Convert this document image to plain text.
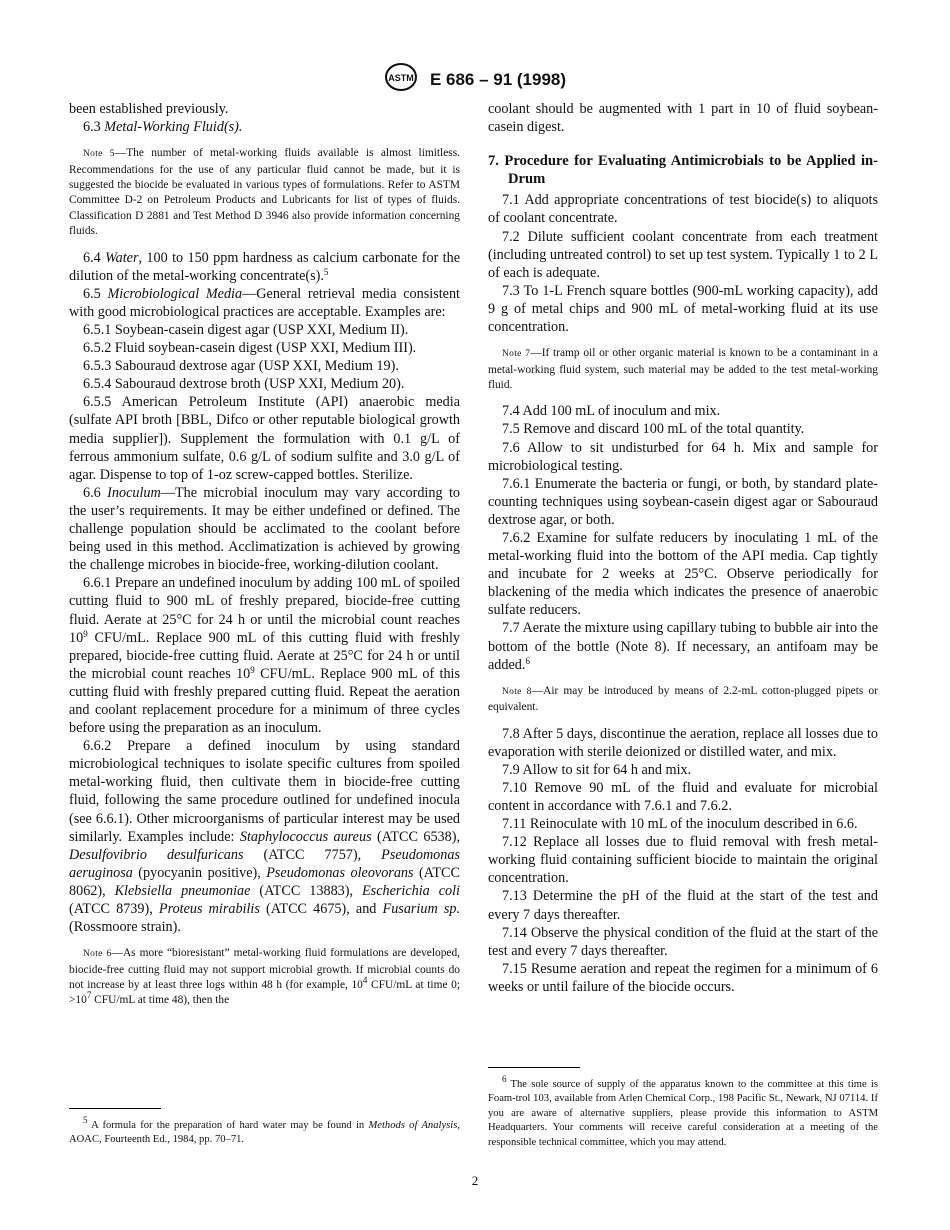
ASTM E 686 – 91 (1998)

been established previously.

6.3 Metal-Working Fluid(s).

Note 5—The number of metal-working fluids available is almost limitless. Recommendations for the use of any particular fluid cannot be made, but it is suggested the biocide be evaluated in various types of formulations. Refer to ASTM Committee D-2 on Petroleum Products and Lubricants for list of types of fluids. Classification D 2881 and Test Method D 3946 also provide information concerning fluids.

6.4 Water, 100 to 150 ppm hardness as calcium carbonate for the dilution of the metal-working concentrate(s).$^5$

6.5 Microbiological Media—General retrieval media consistent with good microbiological practices are acceptable. Examples are:

6.5.1 Soybean-casein digest agar (USP XXI, Medium II).

6.5.2 Fluid soybean-casein digest (USP XXI, Medium III).

6.5.3 Sabouraud dextrose agar (USP XXI, Medium 19).

6.5.4 Sabouraud dextrose broth (USP XXI, Medium 20).

6.5.5 American Petroleum Institute (API) anaerobic media (sulfate API broth [BBL, Difco or other reputable biological growth media supplier]). Supplement the formulation with 0.1 g/L of ferrous ammonium sulfate, 0.6 g/L of sodium sulfite and 3.0 g/L of agar. Dispense to top of 1-oz screw-capped bottles. Sterilize.

6.6 Inoculum—The microbial inoculum may vary according to the user’s requirements. It may be either undefined or defined. The challenge population should be acclimated to the coolant before being used in this method. Acclimatization is achieved by growing the challenge microbes in biocide-free, working-dilution coolant.

6.6.1 Prepare an undefined inoculum by adding 100 mL of spoiled cutting fluid to 900 mL of freshly prepared, biocide-free cutting fluid. Aerate at 25°C for 24 h or until the microbial count reaches $10^9$ CFU/mL. Replace 900 mL of this cutting fluid with freshly prepared, biocide-free cutting fluid. Aerate at 25°C for 24 h or until the microbial count reaches $10^9$ CFU/mL. Replace 900 mL of this cutting fluid with freshly prepared cutting fluid. Repeat the aeration and coolant replacement procedure for a minimum of three cycles before using the preparation as an inoculum.

6.6.2 Prepare a defined inoculum by using standard microbiological techniques to isolate specific cultures from spoiled metal-working fluid, then cultivate them in biocide-free cutting fluid, following the same procedure outlined for undefined inocula (see 6.6.1). Other microorganisms of particular interest may be used similarly. Examples include: Staphylococcus aureus (ATCC 6538), Desulfovibrio desulfuricans (ATCC 7757), Pseudomonas aeruginosa (pyocyanin positive), Pseudomonas oleovorans (ATCC 8062), Klebsiella pneumoniae (ATCC 13883), Escherichia coli (ATCC 8739), Proteus mirabilis (ATCC 4675), and Fusarium sp. (Rossmoore strain).

Note 6—As more “bioresistant” metal-working fluid formulations are developed, biocide-free cutting fluid may not support microbial growth. If microbial counts do not increase by at least three logs within 48 h (for example, $10^4$ CFU/mL at time 0; $>10^7$ CFU/mL at time 48), then the

coolant should be augmented with 1 part in 10 of fluid soybean-casein digest.

7. Procedure for Evaluating Antimicrobials to be Applied in-Drum

7.1 Add appropriate concentrations of test biocide(s) to aliquots of coolant concentrate.

7.2 Dilute sufficient coolant concentrate from each treatment (including untreated control) to set up test system. Typically 1 to 2 L of each is adequate.

7.3 To 1-L French square bottles (900-mL working capacity), add 9 g of metal chips and 900 mL of metal-working fluid at its use concentration.

Note 7—If tramp oil or other organic material is known to be a contaminant in a metal-working fluid system, such material may be added to the test metal-working fluid.

7.4 Add 100 mL of inoculum and mix.

7.5 Remove and discard 100 mL of the total quantity.

7.6 Allow to sit undisturbed for 64 h. Mix and sample for microbiological testing.

7.6.1 Enumerate the bacteria or fungi, or both, by standard plate-counting techniques using soybean-casein digest agar or Sabouraud dextrose agar, or both.

7.6.2 Examine for sulfate reducers by inoculating 1 mL of the metal-working fluid into the bottom of the API media. Cap tightly and incubate for 2 weeks at 25°C. Observe periodically for blackening of the media which indicates the presence of anaerobic sulfate reducers.

7.7 Aerate the mixture using capillary tubing to bubble air into the bottom of the bottle (Note 8). If necessary, an antifoam may be added.$^6$

Note 8—Air may be introduced by means of 2.2-mL cotton-plugged pipets or equivalent.

7.8 After 5 days, discontinue the aeration, replace all losses due to evaporation with sterile deionized or distilled water, and mix.

7.9 Allow to sit for 64 h and mix.

7.10 Remove 90 mL of the fluid and evaluate for microbial content in accordance with 7.6.1 and 7.6.2.

7.11 Reinoculate with 10 mL of the inoculum described in 6.6.

7.12 Replace all losses due to fluid removal with fresh metal-working fluid containing sufficient biocide to maintain the original concentration.

7.13 Determine the pH of the fluid at the start of the test and every 7 days thereafter.

7.14 Observe the physical condition of the fluid at the start of the test and every 7 days thereafter.

7.15 Resume aeration and repeat the regimen for a minimum of 6 weeks or until failure of the biocide occurs.

$^5$ A formula for the preparation of hard water may be found in Methods of Analysis, AOAC, Fourteenth Ed., 1984, pp. 70–71.

$^6$ The sole source of supply of the apparatus known to the committee at this time is Foam-trol 103, available from Arlen Chemical Corp., 198 Pacific St., Newark, NJ 07114. If you are aware of alternative suppliers, please provide this information to ASTM Headquarters. Your comments will receive careful consideration at a meeting of the responsible technical committee, which you may attend.

2
